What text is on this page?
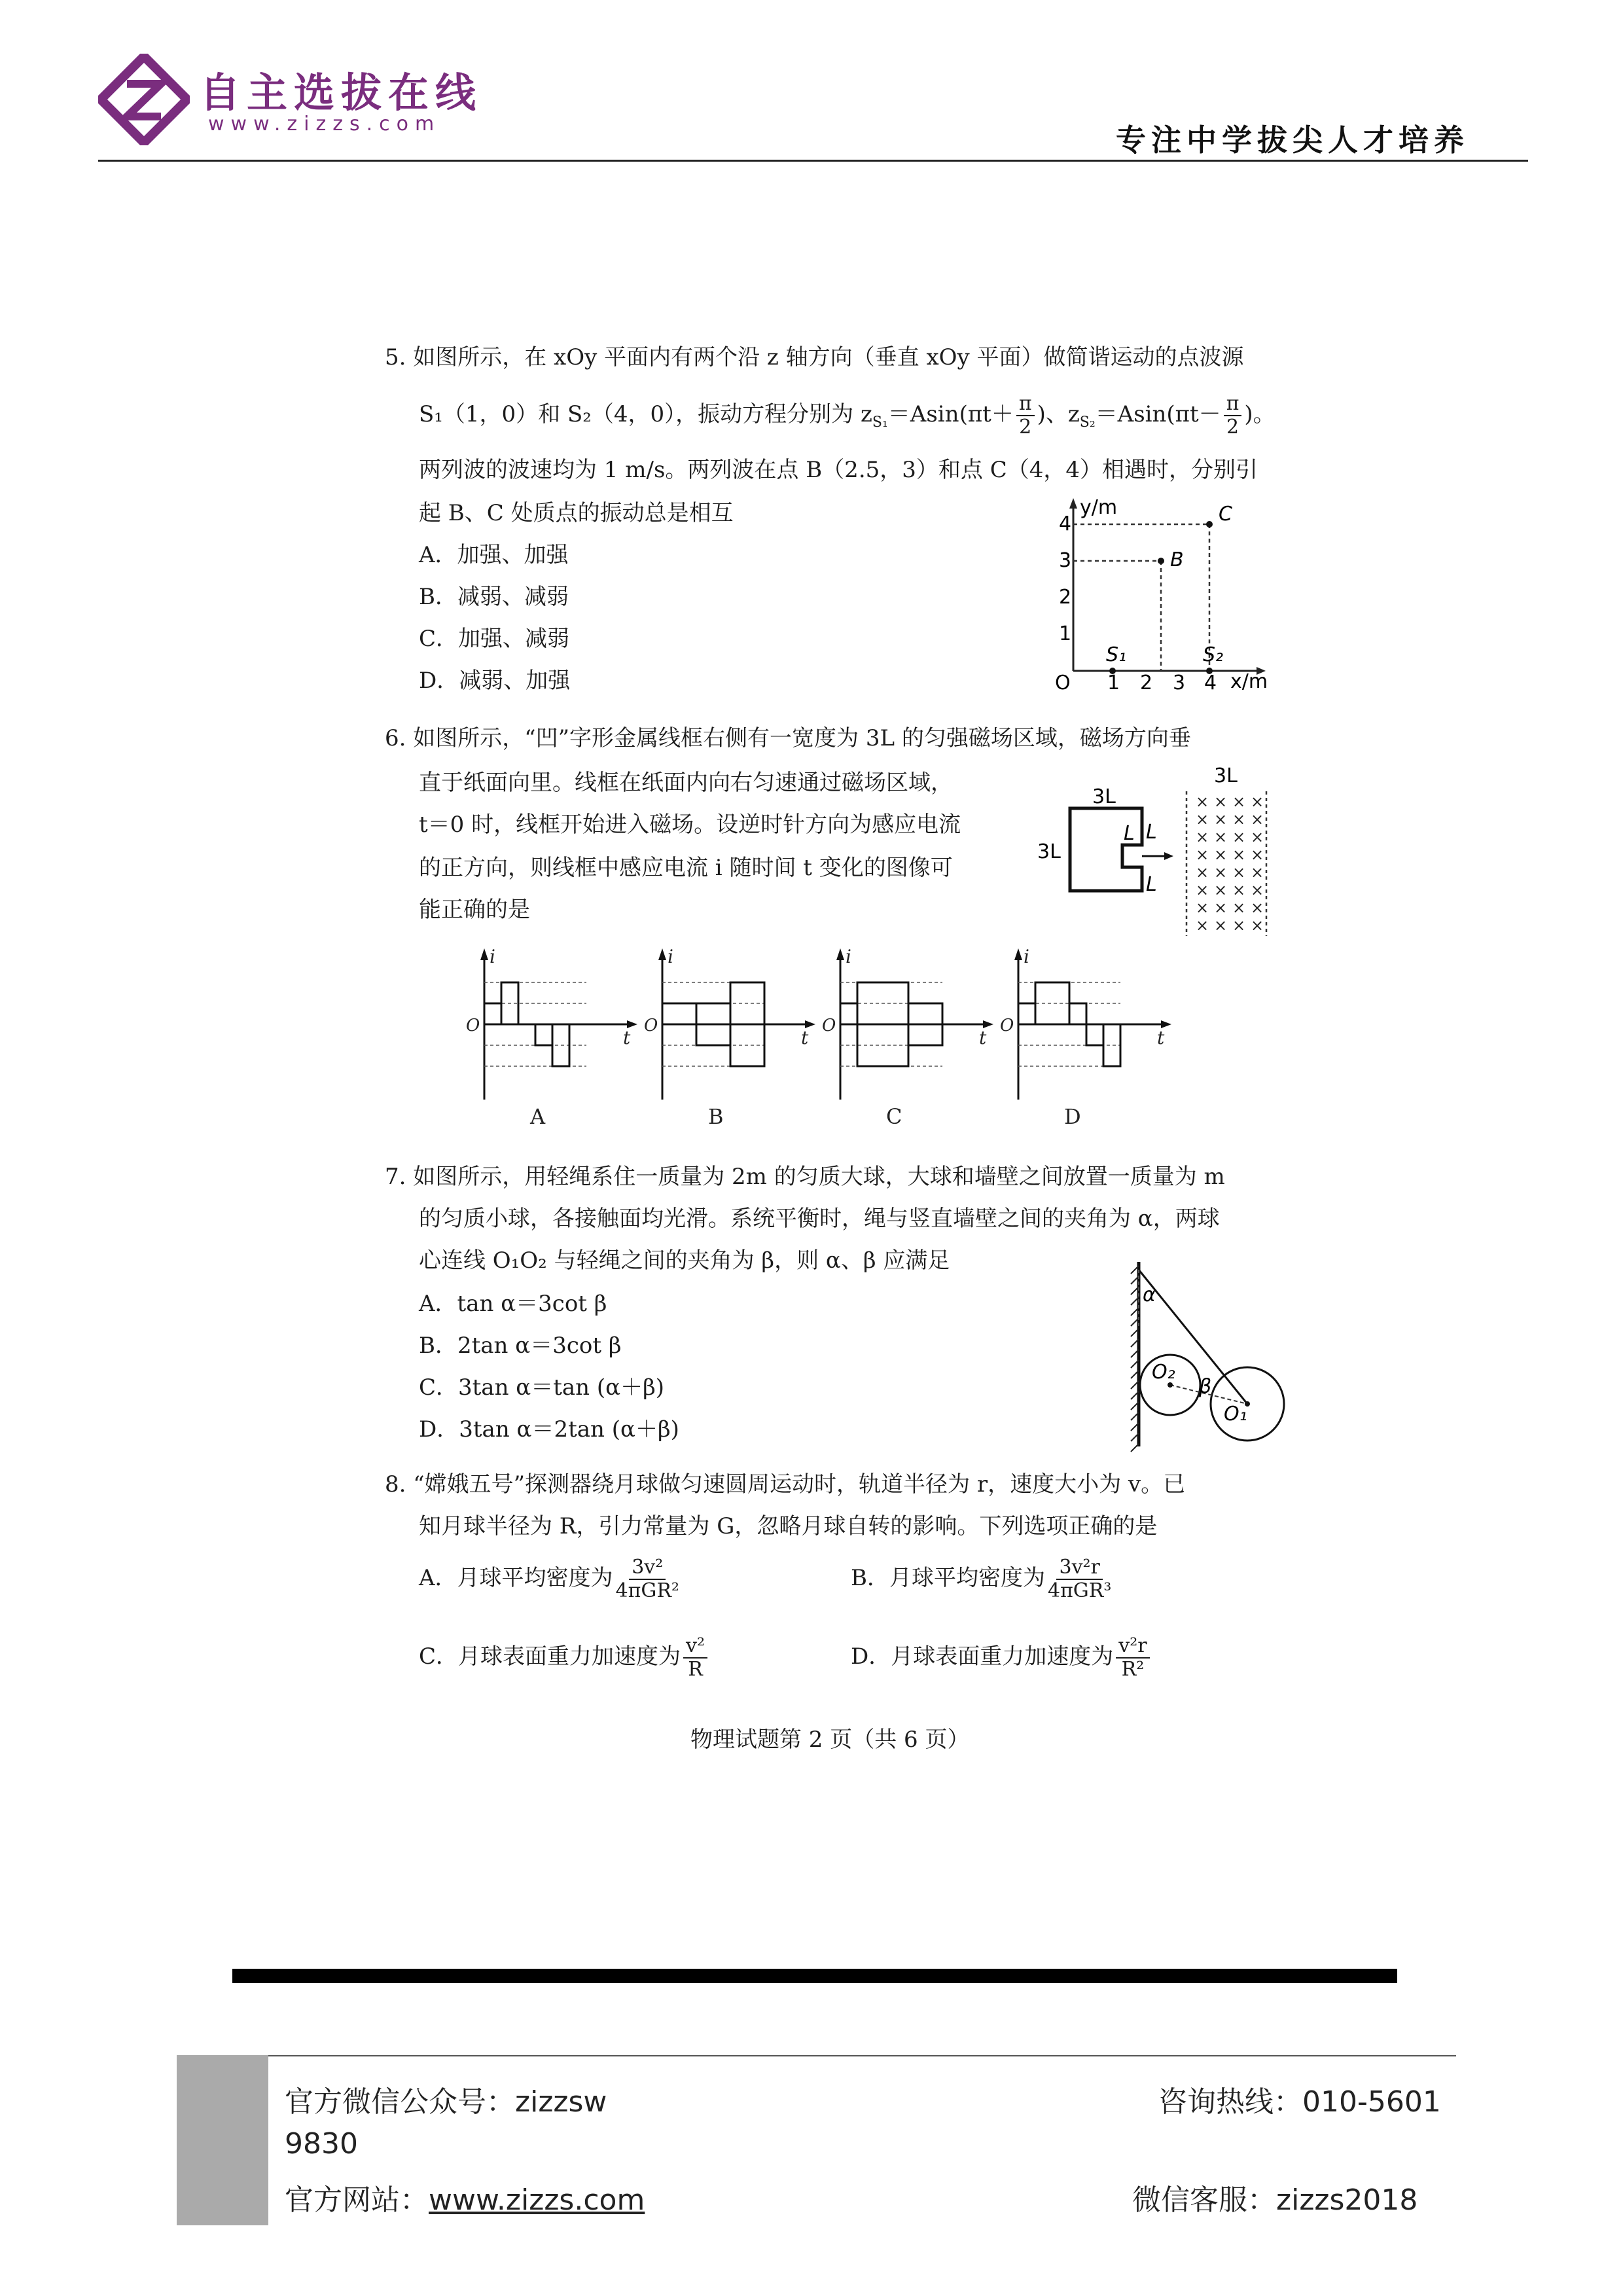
自主选拔在线
www.zizzs.com	专注中学拔尖人才培养
5. 如图所示，在 xOy 平面内有两个沿 z 轴方向（垂直 xOy 平面）做简谐运动的点波源
S₁（1，0）和 S₂（4，0），振动方程分别为 $z_{S_1}=Asin(\pi t+ \frac{\pi}{2}$ )、$z_{S_2}=Asin(\pi t- \frac{\pi}{2}$ )。
两列波的波速均为 1 m/s。两列波在点 B（2.5，3）和点 C（4，4）相遇时，分别引
起 B、C 处质点的振动总是相互
A．加强、加强
B．减弱、减弱
C．加强、减弱
D．减弱、加强
y/m
x/m
O
4
3
2
1
1 2 3 4
C
B
S₁	S₂
6. 如图所示，“凹”字形金属线框右侧有一宽度为 3L 的匀强磁场区域，磁场方向垂
直于纸面向里。线框在纸面内向右匀速通过磁场区域，
t＝0 时，线框开始进入磁场。设逆时针方向为感应电流
的正方向，则线框中感应电流 i 随时间 t 变化的图像可
能正确的是
3L
3L
L L
L
3L
× × × ×
× × × ×
× × × ×
× × × ×
× × × ×
× × × ×
× × × ×
× × × ×
i
t
O
A
i
t
O
B
i
t
O
C
i
t
O
D
7. 如图所示，用轻绳系住一质量为 2m 的匀质大球，大球和墙壁之间放置一质量为 m
的匀质小球，各接触面均光滑。系统平衡时，绳与竖直墙壁之间的夹角为 α，两球
心连线 O₁O₂ 与轻绳之间的夹角为 β，则 α、β 应满足
A．tan α＝3cot β
B．2tan α＝3cot β
C．3tan α＝tan (α＋β)
D．3tan α＝2tan (α＋β)
α
β
O₁
O₂
8. “嫦娥五号”探测器绕月球做匀速圆周运动时，轨道半径为 r，速度大小为 v。已
知月球半径为 R，引力常量为 G，忽略月球自转的影响。下列选项正确的是
A．月球平均密度为 $\frac{\text{3v²}}{\text{4πGR²}}$	B．月球平均密度为 $\frac{\text{3v²r}}{\text{4πGR³}}$
C．月球表面重力加速度为 $\frac{\text{v²}}{R}$	D．月球表面重力加速度为 $\frac{\text{v²r}}{\text{R²}}$
物理试题第 2 页（共 6 页）
官方微信公众号：zizzsw
9830
咨询热线：010-5601
官方网站：www.zizzs.com	微信客服：zizzs2018
